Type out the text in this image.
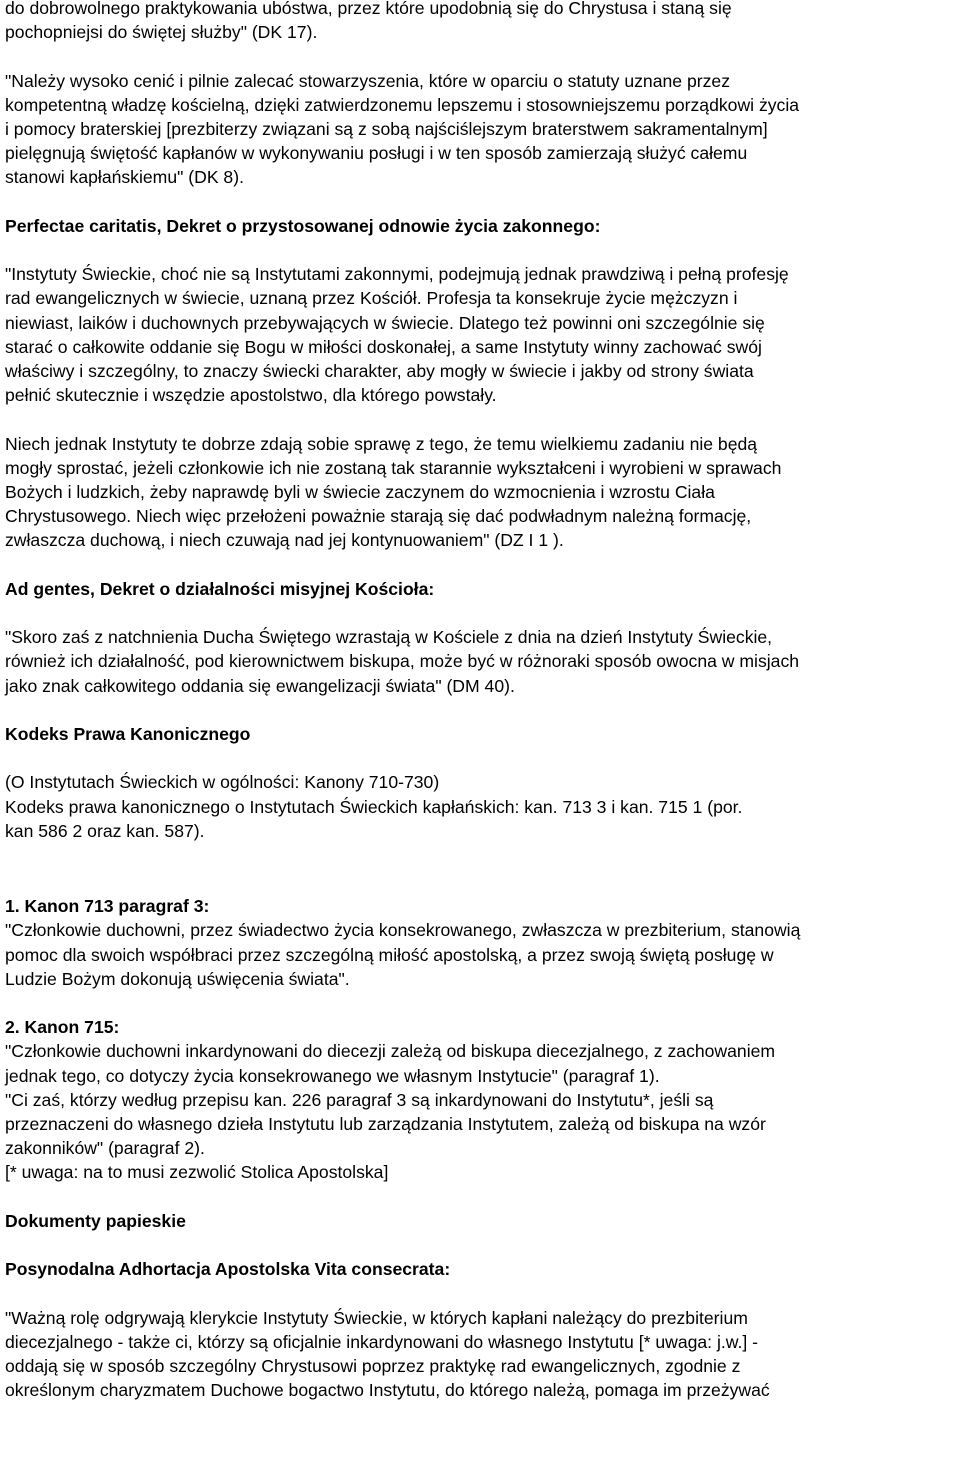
do dobrowolnego praktykowania ubóstwa, przez które upodobnią się do Chrystusa i staną się
pochopniejsi do świętej służby" (DK 17).

"Należy wysoko cenić i pilnie zalecać stowarzyszenia, które w oparciu o statuty uznane przez
kompetentną władzę kościelną, dzięki zatwierdzonemu lepszemu i stosowniejszemu porządkowi życia
i pomocy braterskiej [prezbiterzy związani są z sobą najściślejszym braterstwem sakramentalnym]
pielęgnują świętość kapłanów w wykonywaniu posługi i w ten sposób zamierzają służyć całemu
stanowi kapłańskiemu" (DK 8).

Perfectae caritatis, Dekret o przystosowanej odnowie życia zakonnego:

"Instytuty Świeckie, choć nie są Instytutami zakonnymi, podejmują jednak prawdziwą i pełną profesję
rad ewangelicznych w świecie, uznaną przez Kościół. Profesja ta konsekruje życie mężczyzn i
niewiast, laików i duchownych przebywających w świecie. Dlatego też powinni oni szczególnie się
starać o całkowite oddanie się Bogu w miłości doskonałej, a same Instytuty winny zachować swój
właściwy i szczególny, to znaczy świecki charakter, aby mogły w świecie i jakby od strony świata
pełnić skutecznie i wszędzie apostolstwo, dla którego powstały.

Niech jednak Instytuty te dobrze zdają sobie sprawę z tego, że temu wielkiemu zadaniu nie będą
mogły sprostać, jeżeli członkowie ich nie zostaną tak starannie wykształceni i wyrobieni w sprawach
Bożych i ludzkich, żeby naprawdę byli w świecie zaczynem do wzmocnienia i wzrostu Ciała
Chrystusowego. Niech więc przełożeni poważnie starają się dać podwładnym należną formację,
zwłaszcza duchową, i niech czuwają nad jej kontynuowaniem" (DZ I 1 ).

Ad gentes, Dekret o działalności misyjnej Kościoła:

"Skoro zaś z natchnienia Ducha Świętego wzrastają w Kościele z dnia na dzień Instytuty Świeckie,
również ich działalność, pod kierownictwem biskupa, może być w różnoraki sposób owocna w misjach
jako znak całkowitego oddania się ewangelizacji świata" (DM 40).

Kodeks Prawa Kanonicznego

(O Instytutach Świeckich w ogólności: Kanony 710-730)
Kodeks prawa kanonicznego o Instytutach Świeckich kapłańskich: kan. 713 3 i kan. 715 1 (por.
kan 586 2 oraz kan. 587).

1. Kanon 713 paragraf 3:

"Członkowie duchowni, przez świadectwo życia konsekrowanego, zwłaszcza w prezbiterium, stanowią
pomoc dla swoich współbraci przez szczególną miłość apostolską, a przez swoją świętą posługę w
Ludzie Bożym dokonują uświęcenia świata".

2. Kanon 715:

"Członkowie duchowni inkardynowani do diecezji zależą od biskupa diecezjalnego, z zachowaniem
jednak tego, co dotyczy życia konsekrowanego we własnym Instytucie" (paragraf 1).
"Ci zaś, którzy według przepisu kan. 226 paragraf 3 są inkardynowani do Instytutu*, jeśli są
przeznaczeni do własnego dzieła Instytutu lub zarządzania Instytutem, zależą od biskupa na wzór
zakonników" (paragraf 2).
[* uwaga: na to musi zezwolić Stolica Apostolska]

Dokumenty papieskie

Posynodalna Adhortacja Apostolska Vita consecrata:

"Ważną rolę odgrywają klerykcie Instytuty Świeckie, w których kapłani należący do prezbiterium
diecezjalnego - także ci, którzy są oficjalnie inkardynowani do własnego Instytutu [* uwaga: j.w.] -
oddają się w sposób szczególny Chrystusowi poprzez praktykę rad ewangelicznych, zgodnie z
określonym charyzmatem Duchowe bogactwo Instytutu, do którego należą, pomaga im przeżywać
